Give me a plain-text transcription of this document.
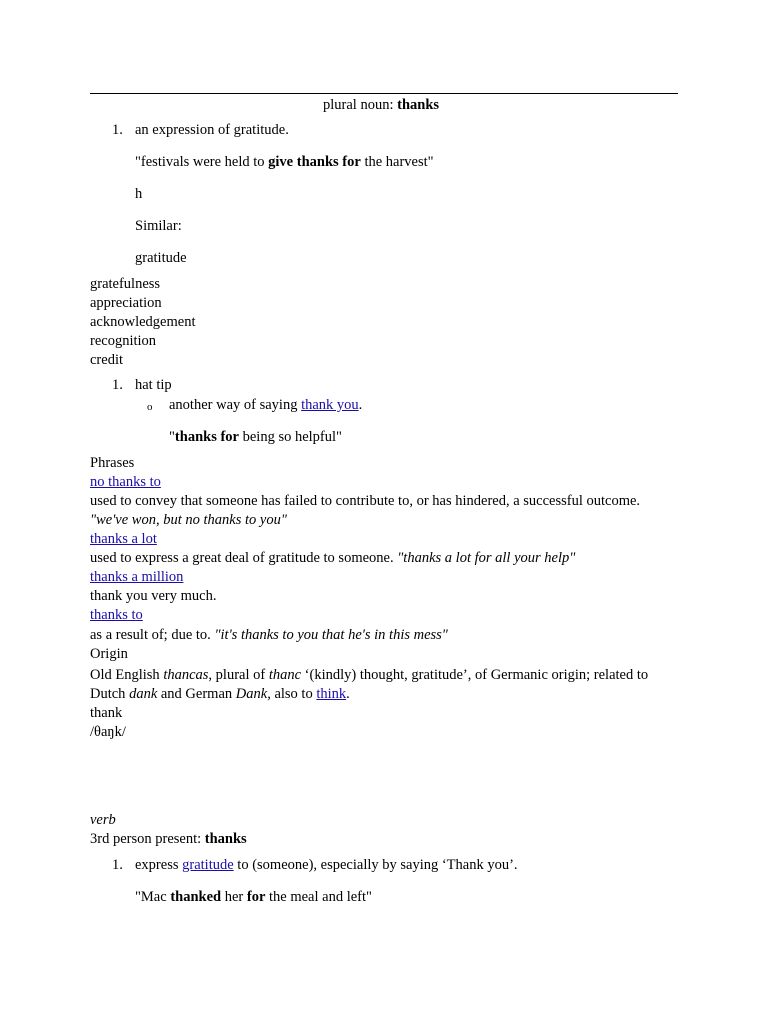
plural noun: thanks
1. an expression of gratitude.
"festivals were held to give thanks for the harvest"
h
Similar:
gratitude
gratefulness
appreciation
acknowledgement
recognition
credit
1. hat tip
o another way of saying thank you.
"thanks for being so helpful"
Phrases
no thanks to
used to convey that someone has failed to contribute to, or has hindered, a successful outcome.
"we've won, but no thanks to you"
thanks a lot
used to express a great deal of gratitude to someone. "thanks a lot for all your help"
thanks a million
thank you very much.
thanks to
as a result of; due to. "it's thanks to you that he's in this mess"
Origin
Old English thancas, plural of thanc ‘(kindly) thought, gratitude’, of Germanic origin; related to
Dutch dank and German Dank, also to think.
thank
/θaŋk/
verb
3rd person present: thanks
1. express gratitude to (someone), especially by saying ‘Thank you’.
"Mac thanked her for the meal and left"
